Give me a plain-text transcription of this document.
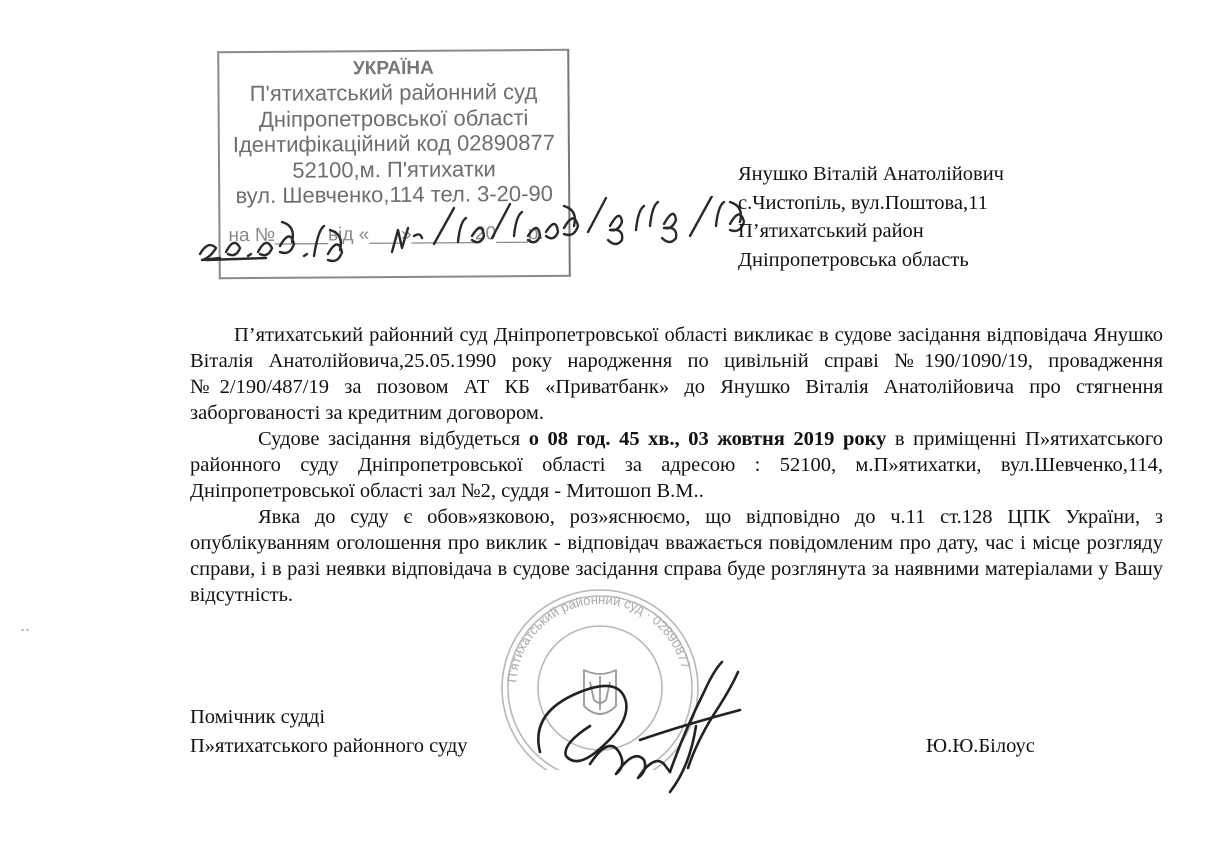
УКРАЇНА
П'ятихатський районний суд
Дніпропетровської області
Ідентифікаційний код 02890877
52100,м. П'ятихатки
вул. Шевченко,114 тел. 3-20-90
на №_____від «___»______20___р.
Янушко Віталій Анатолійович
с.Чистопіль, вул.Поштова,11
П’ятихатський район
Дніпропетровська область

П’ятихатський районний суд Дніпропетровської області викликає в судове засідання відповідача Янушко Віталія Анатолійовича,25.05.1990 року народження по цивільній справі №190/1090/19, провадження №2/190/487/19 за позовом АТ КБ «Приватбанк» до Янушко Віталія Анатолійовича про стягнення заборгованості за кредитним договором.

Судове засідання відбудеться о 08 год. 45 хв., 03 жовтня 2019 року в приміщенні П»ятихатського районного суду Дніпропетровської області за адресою : 52100, м.П»ятихатки, вул.Шевченко,114, Дніпропетровської області зал №2, суддя - Митошоп В.М..

Явка до суду є обов»язковою, роз»яснюємо, що відповідно до ч.11 ст.128 ЦПК України, з опублікуванням оголошення про виклик - відповідач вважається повідомленим про дату, час і місце розгляду справи, і в разі неявки відповідача в судове засідання справа буде розглянута за наявними матеріалами у Вашу відсутність.

П'ятихатський районний суд · 02890877
Помічник судді
П»ятихатського районного суду	Ю.Ю.Білоус
